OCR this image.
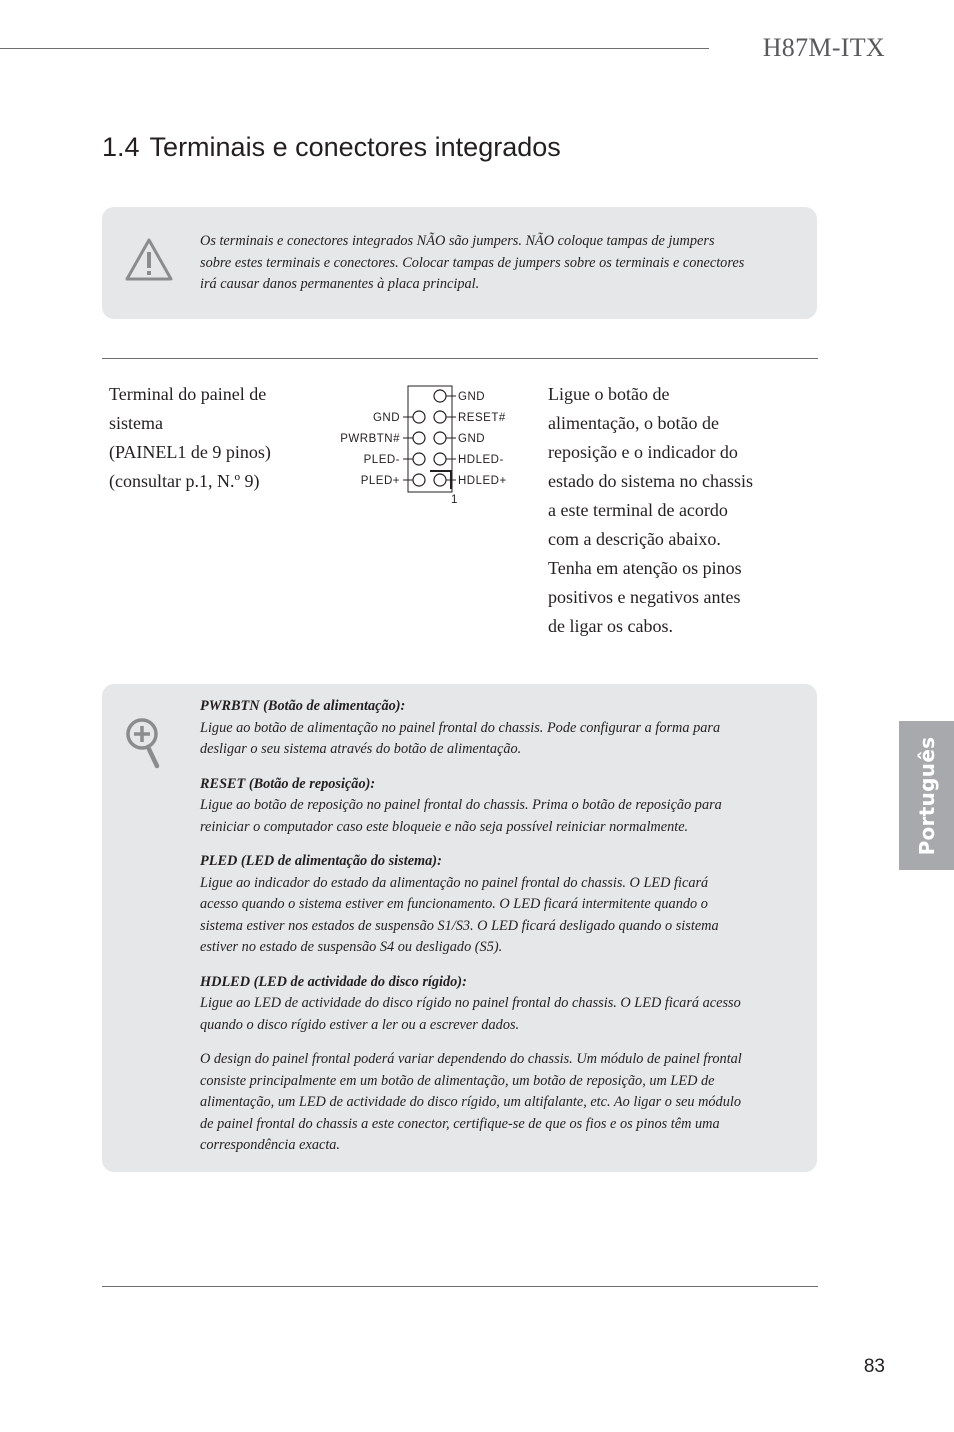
H87M-ITX
1.4 Terminais e conectores integrados
Os terminais e conectores integrados NÃO são jumpers. NÃO coloque tampas de jumpers sobre estes terminais e conectores. Colocar tampas de jumpers sobre os terminais e conectores irá causar danos permanentes à placa principal.

Terminal do painel de

sistema

(PAINEL1 de 9 pinos)

(consultar p.1, N.º 9)

GND
PWRBTN#
PLED-
PLED+
GND
RESET#
GND
HDLED-
HDLED+
1
Ligue o botão de alimentação, o botão de reposição e o indicador do estado do sistema no chassis a este terminal de acordo com a descrição abaixo. Tenha em atenção os pinos positivos e negativos antes de ligar os cabos.
PWRBTN (Botão de alimentação):

Ligue ao botão de alimentação no painel frontal do chassis. Pode configurar a forma para desligar o seu sistema através do botão de alimentação.

RESET (Botão de reposição):

Ligue ao botão de reposição no painel frontal do chassis. Prima o botão de reposição para reiniciar o computador caso este bloqueie e não seja possível reiniciar normalmente.

PLED (LED de alimentação do sistema):

Ligue ao indicador do estado da alimentação no painel frontal do chassis. O LED ficará acesso quando o sistema estiver em funcionamento. O LED ficará intermitente quando o sistema estiver nos estados de suspensão S1/S3. O LED ficará desligado quando o sistema estiver no estado de suspensão S4 ou desligado (S5).

HDLED (LED de actividade do disco rígido):

Ligue ao LED de actividade do disco rígido no painel frontal do chassis. O LED ficará acesso quando o disco rígido estiver a ler ou a escrever dados.

O design do painel frontal poderá variar dependendo do chassis. Um módulo de painel frontal consiste principalmente em um botão de alimentação, um botão de reposição, um LED de alimentação, um LED de actividade do disco rígido, um altifalante, etc. Ao ligar o seu módulo de painel frontal do chassis a este conector, certifique-se de que os fios e os pinos têm uma correspondência exacta.

Português
83
